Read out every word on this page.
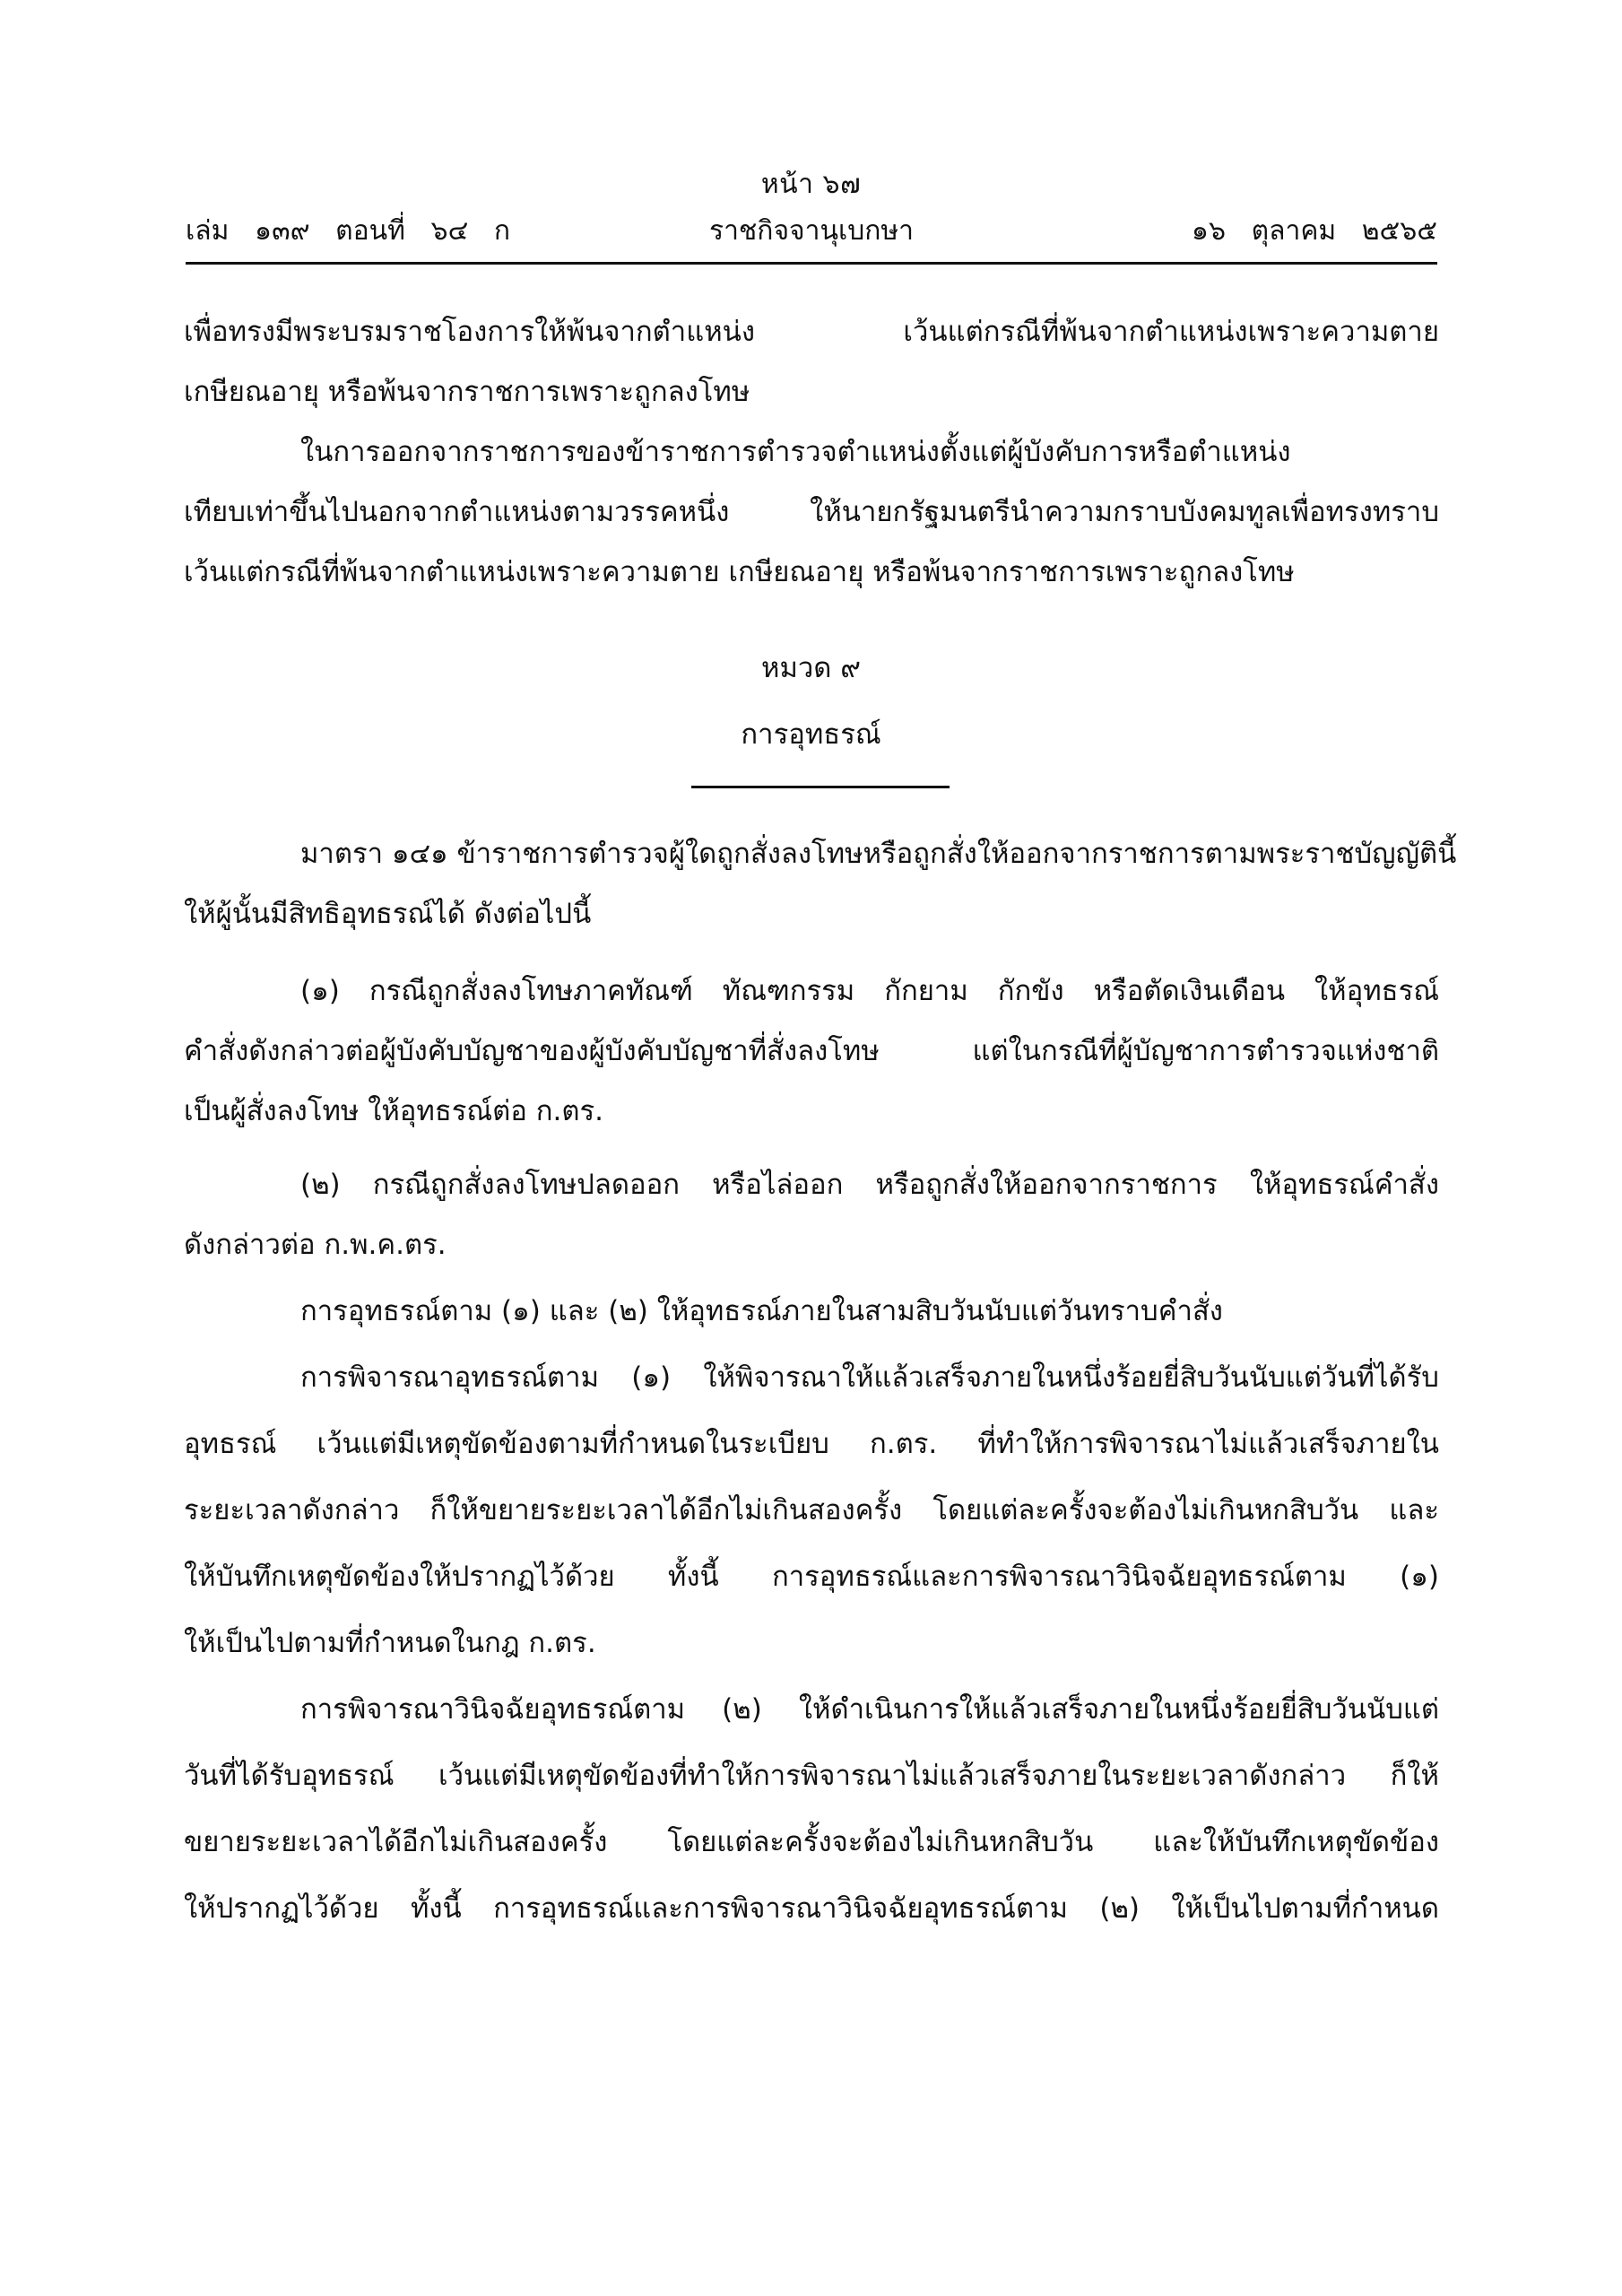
หน้า ๖๗
เล่ม   ๑๓๙   ตอนที่   ๖๔   ก	ราชกิจจานุเบกษา	๑๖   ตุลาคม   ๒๕๖๕
เพื่อทรงมีพระบรมราชโองการให้พ้นจากตำแหน่ง เว้นแต่กรณีที่พ้นจากตำแหน่งเพราะความตาย
เกษียณอายุ หรือพ้นจากราชการเพราะถูกลงโทษ
ในการออกจากราชการของข้าราชการตำรวจตำแหน่งตั้งแต่ผู้บังคับการหรือตำแหน่ง
เทียบเท่าขึ้นไปนอกจากตำแหน่งตามวรรคหนึ่ง ให้นายกรัฐมนตรีนำความกราบบังคมทูลเพื่อทรงทราบ
เว้นแต่กรณีที่พ้นจากตำแหน่งเพราะความตาย เกษียณอายุ หรือพ้นจากราชการเพราะถูกลงโทษ
หมวด ๙
การอุทธรณ์
มาตรา ๑๔๑ ข้าราชการตำรวจผู้ใดถูกสั่งลงโทษหรือถูกสั่งให้ออกจากราชการตามพระราชบัญญัตินี้
ให้ผู้นั้นมีสิทธิอุทธรณ์ได้ ดังต่อไปนี้
(๑) กรณีถูกสั่งลงโทษภาคทัณฑ์ ทัณฑกรรม กักยาม กักขัง หรือตัดเงินเดือน ให้อุทธรณ์
คำสั่งดังกล่าวต่อผู้บังคับบัญชาของผู้บังคับบัญชาที่สั่งลงโทษ แต่ในกรณีที่ผู้บัญชาการตำรวจแห่งชาติ
เป็นผู้สั่งลงโทษ ให้อุทธรณ์ต่อ ก.ตร.
(๒) กรณีถูกสั่งลงโทษปลดออก หรือไล่ออก หรือถูกสั่งให้ออกจากราชการ ให้อุทธรณ์คำสั่ง
ดังกล่าวต่อ ก.พ.ค.ตร.
การอุทธรณ์ตาม (๑) และ (๒) ให้อุทธรณ์ภายในสามสิบวันนับแต่วันทราบคำสั่ง
การพิจารณาอุทธรณ์ตาม (๑) ให้พิจารณาให้แล้วเสร็จภายในหนึ่งร้อยยี่สิบวันนับแต่วันที่ได้รับ
อุทธรณ์ เว้นแต่มีเหตุขัดข้องตามที่กำหนดในระเบียบ ก.ตร. ที่ทำให้การพิจารณาไม่แล้วเสร็จภายใน
ระยะเวลาดังกล่าว ก็ให้ขยายระยะเวลาได้อีกไม่เกินสองครั้ง โดยแต่ละครั้งจะต้องไม่เกินหกสิบวัน และ
ให้บันทึกเหตุขัดข้องให้ปรากฏไว้ด้วย ทั้งนี้ การอุทธรณ์และการพิจารณาวินิจฉัยอุทธรณ์ตาม (๑)
ให้เป็นไปตามที่กำหนดในกฎ ก.ตร.
การพิจารณาวินิจฉัยอุทธรณ์ตาม (๒) ให้ดำเนินการให้แล้วเสร็จภายในหนึ่งร้อยยี่สิบวันนับแต่
วันที่ได้รับอุทธรณ์ เว้นแต่มีเหตุขัดข้องที่ทำให้การพิจารณาไม่แล้วเสร็จภายในระยะเวลาดังกล่าว ก็ให้
ขยายระยะเวลาได้อีกไม่เกินสองครั้ง โดยแต่ละครั้งจะต้องไม่เกินหกสิบวัน และให้บันทึกเหตุขัดข้อง
ให้ปรากฏไว้ด้วย ทั้งนี้ การอุทธรณ์และการพิจารณาวินิจฉัยอุทธรณ์ตาม (๒) ให้เป็นไปตามที่กำหนด
